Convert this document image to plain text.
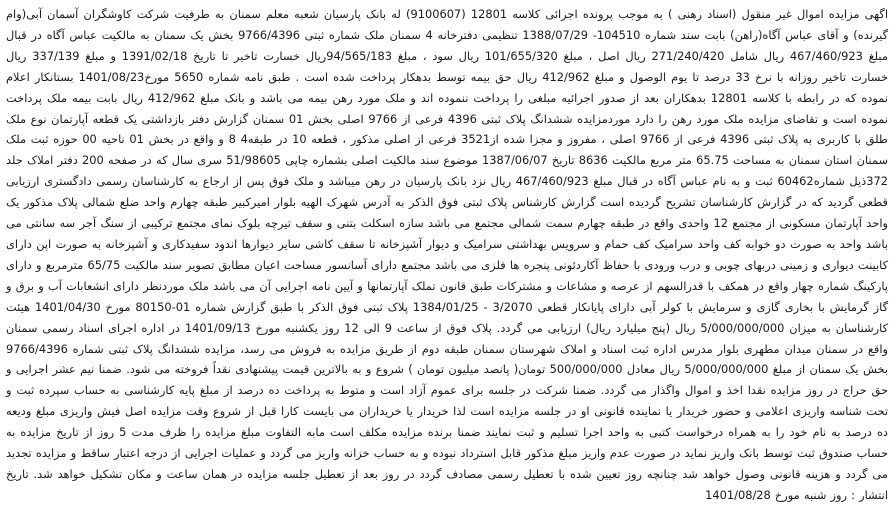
اگهی مزایده اموال غیر منقول (اسناد رهنی ) به موجب پرونده اجرائی کلاسه 12801 (9100607) له بانک پارسیان شعبه معلم سمنان به طرفیت شرکت کاوشگران آسمان آبی(وام گیرنده) و آقای عباس آگاه(راهن) بابت سند شماره 104510- 1388/07/29 تنظیمی دفترخانه 4 سمنان ملک شماره ثبتی 9766/4396 بخش یک سمنان به مالکیت عباس آگاه در قبال مبلغ 467/460/923 ریال شامل 271/240/420 ریال اصل ، مبلغ 101/655/320 ریال سود ، مبلغ 94/565/183ریال خسارت تاخیر تا تاریخ 1391/02/18 و مبلغ 337/139 ریال خسارت تاخیر روزانه با نرخ 33 درصد تا یوم الوصول و مبلغ 412/962 ریال حق بیمه توسط بدهکار پرداخت شده است . طبق نامه شماره 5650 مورخ1401/08/23 بستانکار اعلام نموده که در رابطه با کلاسه 12801 بدهکاران بعد از صدور اجرائیه مبلغی را پرداخت ننموده اند و ملک مورد رهن بیمه می باشد و بانک مبلغ 412/962 ریال بابت بیمه ملک پرداخت نموده است و تقاضای مزایده ملک مورد رهن را دارد موردمزایده ششدانگ پلاک ثبتی 4396 فرعی از 9766 اصلی بخش 01 سمنان گزارش دفتر بازداشتی یک قطعه آپارتمان نوع ملک طلق با کاربری به پلاک ثبتی 4396 فرعی از 9766 اصلی ، مفروز و مجزا شده از3521 فرعی از اصلی مذکور ، قطعه 10 در طبقه4 8 و واقع در بخش 01 ناحیه 00 حوزه ثبت ملک سمنان استان سمنان به مساحت 65.75 متر مربع مالکیت 8636 تاریخ 1387/06/07 موضوع سند مالکیت اصلی بشماره چاپی 51/98605 سری سال که در صفحه 200 دفتر املاک جلد 372ذیل شماره60462 ثبت و به نام عباس آگاه در قبال مبلغ 467/460/923 ریال نزد بانک پارسیان در رهن میباشد و ملک فوق پس از ارجاع به کارشناسان رسمی دادگستری ارزیابی قطعی گردید که در گزارش کارشناسان تشریح گردیده است گزارش کارشناس پلاک ثبتی فوق الذکر به آدرس شهرک الهیه بلوار امیرکبیر طبقه چهارم واحد ضلع شمالی پلاک مذکور یک واحد آپارتمان مسکونی از مجتمع 12 واحدی واقع در طبقه چهارم سمت شمالی مجتمع می باشد سازه اسکلت بتنی و سقف تیرچه بلوک نمای مجتمع ترکیبی از سنگ آجر سه سانتی می باشد واحد به صورت دو خوابه کف واحد سرامیک کف حمام و سرویس بهداشتی سرامیک و دیوار آشپزخانه تا سقف کاشی سایر دیوارها اندود سفیدکاری و آشپزخانه به صورت اپن دارای کابینت دیواری و زمینی دربهای چوبی و درب ورودی با حفاظ آکاردئونی پنجره ها فلزی می باشد مجتمع دارای آسانسور مساحت اعیان مطابق تصویر سند مالکیت 65/75 مترمربع و دارای پارکینگ شماره چهار واقع در همکف با قدرالسهم از عرصه و مشاعات و مشترکات طبق قانون تملک آپارتمانها و آیین نامه اجرایی آن می باشد ملک موردنظر دارای انشعابات آب و برق و گاز گرمایش با بخاری گازی و سرمایش با کولر آبی دارای پایانکار قطعی 3/2070 - 1384/01/25 پلاک ثبتی فوق الذکر با طبق گزارش شماره 01-80150 مورخ 1401/04/30 هیئت کارشناسان به میزان 5/000/000/000 ریال (پنج میلیارد ریال) ارزیابی می گردد. پلاک فوق از ساعت 9 الی 12 روز یکشنبه مورخ 1401/09/13 در اداره اجرای اسناد رسمی سمنان واقع در سمنان میدان مطهری بلوار مدرس اداره ثبت اسناد و املاک شهرستان سمنان طبقه دوم از طریق مزایده به فروش می رسد، مزایده ششدانگ پلاک ثبتی شماره 9766/4396 بخش یک سمنان از مبلغ 5/000/000/000 ریال معادل 500/000/000 تومان( پانصد میلیون تومان ) شروع و به بالاترین قیمت پیشنهادی نقداً فروخته می شود. ضمنا نیم عشر اجرایی و حق حراج در روز مزایده نقدا اخذ و اموال واگذار می گردد. ضمنا شرکت در جلسه برای عموم آزاد است و متوط به پرداخت ده درصد از مبلغ پایه کارشناسی به حساب سپرده ثبت و تحت شناسه واریزی اعلامی و حضور خریدار یا نماینده قانونی او در جلسه مزایده است لذا خریدار یا خریداران می بایست کارا قبل از شروع وقت مزایده اصل فیش واریزی مبلغ ودیعه ده درصد به نام خود را به همراه درخواست کتبی به واحد اجرا تسلیم و ثبت نمایند ضمنا برنده مزایده مکلف است مابه التفاوت مبلغ مزایده را ظرف مدت 5 روز از تاریخ مزایده به حساب صندوق ثبت توسط بانک واریز نماید در صورت عدم واریز مبلغ مذکور قابل استرداد نبوده و به حساب خزانه واریز می گردد و عملیات اجرایی از درجه اعتبار ساقط و مزایده تجدید می گردد و هزینه قانونی وصول خواهد شد چنانچه روز تعیین شده با تعطیل رسمی مصادف گردد در روز بعد از تعطیل جلسه مزایده در همان ساعت و مکان تشکیل خواهد شد. تاریخ انتشار : روز شنبه مورخ 1401/08/28
